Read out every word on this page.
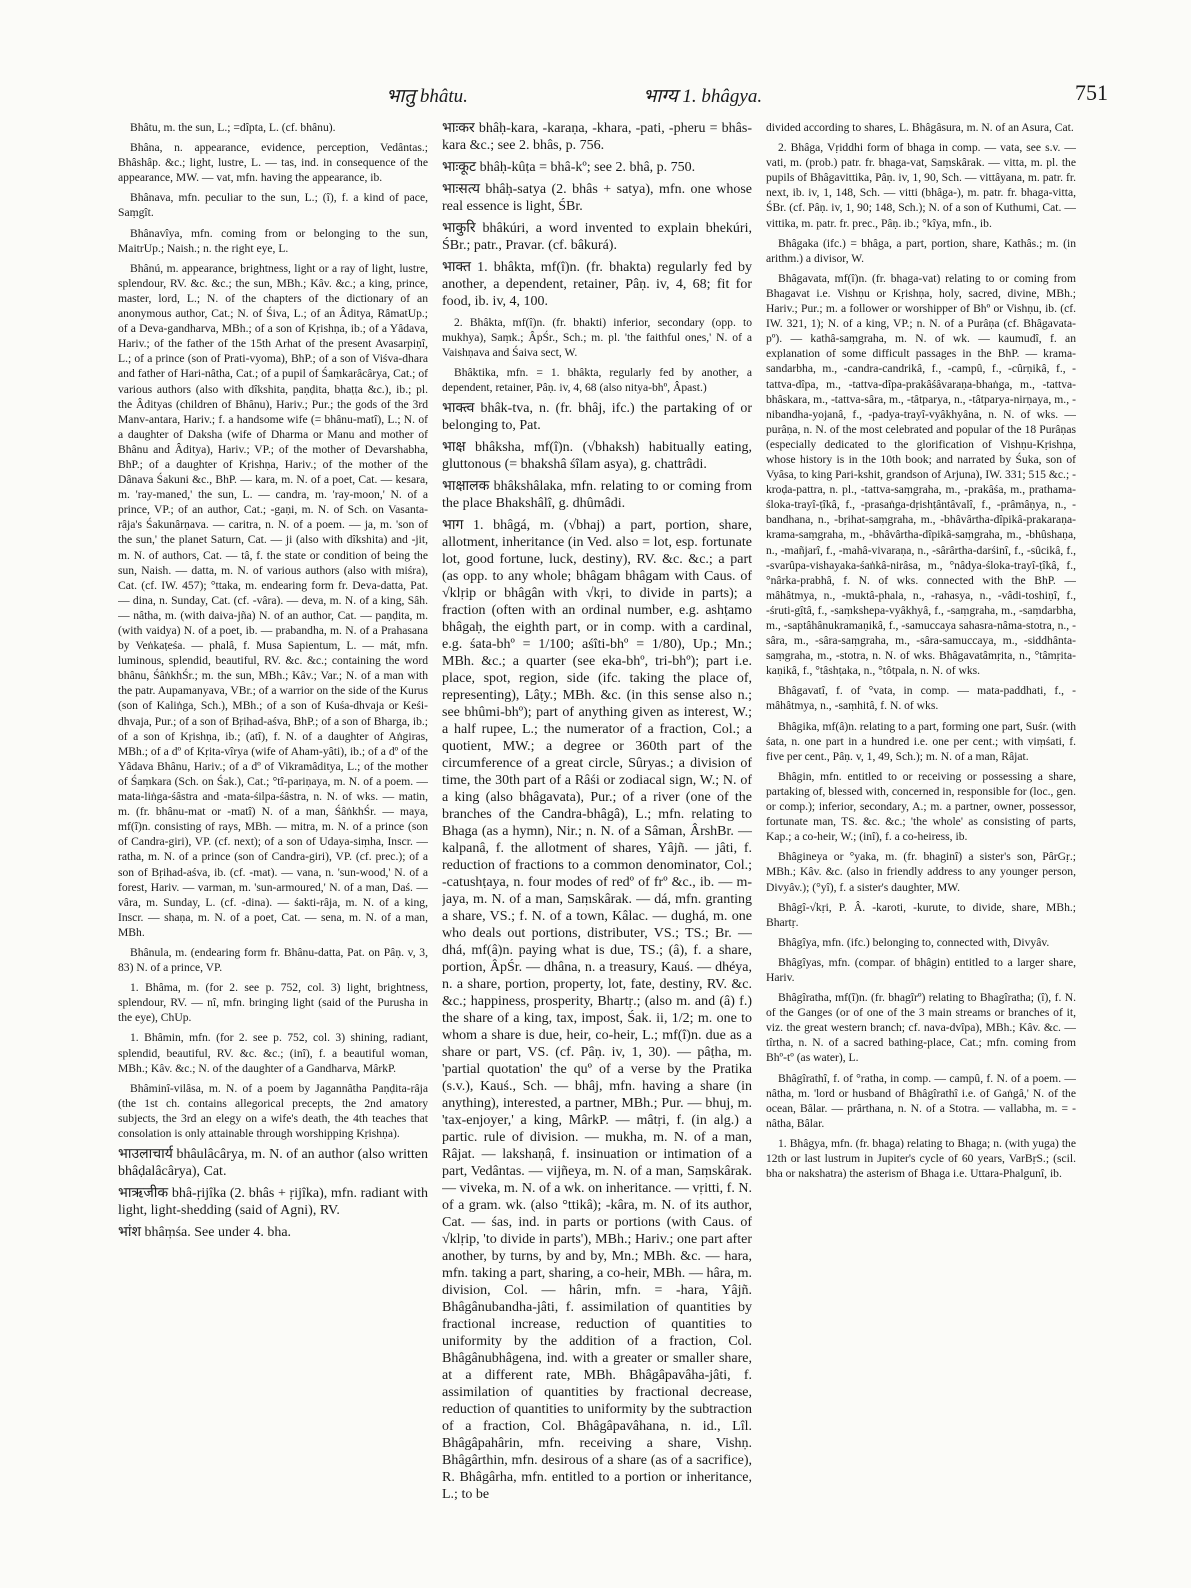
भातु bhâtu.	भाग्य 1. bhâgya.	751

Bhâtu, m. the sun, L.; =dîpta, L. (cf. bhânu).

Bhâna, n. appearance, evidence, perception, Vedântas.; Bhâshâp. &c.; light, lustre, L. — tas, ind. in consequence of the appearance, MW. — vat, mfn. having the appearance, ib.

Bhânava, mfn. peculiar to the sun, L.; (î), f. a kind of pace, Saṃgît.

Bhânavîya, mfn. coming from or belonging to the sun, MaitrUp.; Naish.; n. the right eye, L.

Bhânú, m. appearance, brightness, light or a ray of light, lustre, splendour, RV. &c. &c.; the sun, MBh.; Kâv. &c.; a king, prince, master, lord, L.; N. of the chapters of the dictionary of an anonymous author, Cat.; N. of Śiva, L.; of an Âditya, RâmatUp.; of a Deva-gandharva, MBh.; of a son of Kṛishṇa, ib.; of a Yâdava, Hariv.; of the father of the 15th Arhat of the present Avasarpiṇî, L.; of a prince (son of Prati-vyoma), BhP.; of a son of Viśva-dhara and father of Hari-nâtha, Cat.; of a pupil of Śaṃkarâcârya, Cat.; of various authors (also with dîkshita, paṇḍita, bhaṭṭa &c.), ib.; pl. the Âdityas (children of Bhânu), Hariv.; Pur.; the gods of the 3rd Manv-antara, Hariv.; f. a handsome wife (= bhânu-matî), L.; N. of a daughter of Daksha (wife of Dharma or Manu and mother of Bhânu and Âditya), Hariv.; VP.; of the mother of Devarshabha, BhP.; of a daughter of Kṛishṇa, Hariv.; of the mother of the Dânava Śakuni &c., BhP. — kara, m. N. of a poet, Cat. — kesara, m. 'ray-maned,' the sun, L. — candra, m. 'ray-moon,' N. of a prince, VP.; of an author, Cat.; -gaṇi, m. N. of Sch. on Vasanta-râja's Śakunârṇava. — caritra, n. N. of a poem. — ja, m. 'son of the sun,' the planet Saturn, Cat. — ji (also with dîkshita) and -jit, m. N. of authors, Cat. — tâ, f. the state or condition of being the sun, Naish. — datta, m. N. of various authors (also with miśra), Cat. (cf. IW. 457); °ttaka, m. endearing form fr. Deva-datta, Pat. — dina, n. Sunday, Cat. (cf. -vâra). — deva, m. N. of a king, Sâh. — nâtha, m. (with daiva-jña) N. of an author, Cat. — paṇḍita, m. (with vaidya) N. of a poet, ib. — prabandha, m. N. of a Prahasana by Veṅkaṭeśa. — phalâ, f. Musa Sapientum, L. — mát, mfn. luminous, splendid, beautiful, RV. &c. &c.; containing the word bhânu, ŚâṅkhŚr.; m. the sun, MBh.; Kâv.; Var.; N. of a man with the patr. Aupamanyava, VBr.; of a warrior on the side of the Kurus (son of Kaliṅga, Sch.), MBh.; of a son of Kuśa-dhvaja or Keśi-dhvaja, Pur.; of a son of Bṛihad-aśva, BhP.; of a son of Bharga, ib.; of a son of Kṛishṇa, ib.; (atî), f. N. of a daughter of Aṅgiras, MBh.; of a dº of Kṛita-vîrya (wife of Aham-yâti), ib.; of a dº of the Yâdava Bhânu, Hariv.; of a dº of Vikramâditya, L.; of the mother of Śaṃkara (Sch. on Śak.), Cat.; °tî-pariṇaya, m. N. of a poem. — mata-liṅga-śâstra and -mata-śilpa-śâstra, n. N. of wks. — matin, m. (fr. bhânu-mat or -matî) N. of a man, ŚâṅkhŚr. — maya, mf(î)n. consisting of rays, MBh. — mitra, m. N. of a prince (son of Candra-giri), VP. (cf. next); of a son of Udaya-siṃha, Inscr. — ratha, m. N. of a prince (son of Candra-giri), VP. (cf. prec.); of a son of Bṛihad-aśva, ib. (cf. -mat). — vana, n. 'sun-wood,' N. of a forest, Hariv. — varman, m. 'sun-armoured,' N. of a man, Daś. — vâra, m. Sunday, L. (cf. -dina). — śakti-râja, m. N. of a king, Inscr. — shaṇa, m. N. of a poet, Cat. — sena, m. N. of a man, MBh.

Bhânula, m. (endearing form fr. Bhânu-datta, Pat. on Pâṇ. v, 3, 83) N. of a prince, VP.

1. Bhâma, m. (for 2. see p. 752, col. 3) light, brightness, splendour, RV. — nî, mfn. bringing light (said of the Purusha in the eye), ChUp.

1. Bhâmin, mfn. (for 2. see p. 752, col. 3) shining, radiant, splendid, beautiful, RV. &c. &c.; (inî), f. a beautiful woman, MBh.; Kâv. &c.; N. of the daughter of a Gandharva, MârkP.

Bhâminî-vilâsa, m. N. of a poem by Jagannâtha Paṇḍita-râja (the 1st ch. contains allegorical precepts, the 2nd amatory subjects, the 3rd an elegy on a wife's death, the 4th teaches that consolation is only attainable through worshipping Kṛishṇa).

भाउलाचार्य bhâulâcârya, m. N. of an author (also written bhâḍalâcârya), Cat.

भाऋजीक bhâ-ṛijîka (2. bhâs + ṛijîka), mfn. radiant with light, light-shedding (said of Agni), RV.

भांश bhâṃśa. See under 4. bha.

भाःकर bhâḥ-kara, -karaṇa, -khara, -pati, -pheru = bhâs-kara &c.; see 2. bhâs, p. 756.

भाःकूट bhâḥ-kûṭa = bhâ-kº; see 2. bhâ, p. 750.

भाःसत्य bhâḥ-satya (2. bhâs + satya), mfn. one whose real essence is light, ŚBr.

भाकुरि bhâkúri, a word invented to explain bhekúri, ŚBr.; patr., Pravar. (cf. bâkurá).

भाक्त 1. bhâkta, mf(î)n. (fr. bhakta) regularly fed by another, a dependent, retainer, Pâṇ. iv, 4, 68; fit for food, ib. iv, 4, 100.

2. Bhâkta, mf(î)n. (fr. bhakti) inferior, secondary (opp. to mukhya), Saṃk.; ÂpŚr., Sch.; m. pl. 'the faithful ones,' N. of a Vaishṇava and Śaiva sect, W.

Bhâktika, mfn. = 1. bhâkta, regularly fed by another, a dependent, retainer, Pâṇ. iv, 4, 68 (also nitya-bhº, Âpast.)

भाक्त्व bhâk-tva, n. (fr. bhâj, ifc.) the partaking of or belonging to, Pat.

भाक्ष bhâksha, mf(î)n. (√bhaksh) habitually eating, gluttonous (= bhakshâ śîlam asya), g. chattrâdi.

भाक्षालक bhâkshâlaka, mfn. relating to or coming from the place Bhakshâlî, g. dhûmâdi.

भाग 1. bhâgá, m. (√bhaj) a part, portion, share, allotment, inheritance (in Ved. also = lot, esp. fortunate lot, good fortune, luck, destiny), RV. &c. &c.; a part (as opp. to any whole; bhâgam bhâgam with Caus. of √klṛip or bhâgân with √kṛi, to divide in parts); a fraction (often with an ordinal number, e.g. ashṭamo bhâgaḥ, the eighth part, or in comp. with a cardinal, e.g. śata-bhº = 1/100; aśîti-bhº = 1/80), Up.; Mn.; MBh. &c.; a quarter (see eka-bhº, tri-bhº); part i.e. place, spot, region, side (ifc. taking the place of, representing), Lâṭy.; MBh. &c. (in this sense also n.; see bhûmi-bhº); part of anything given as interest, W.; a half rupee, L.; the numerator of a fraction, Col.; a quotient, MW.; a degree or 360th part of the circumference of a great circle, Sûryas.; a division of time, the 30th part of a Râśi or zodiacal sign, W.; N. of a king (also bhâgavata), Pur.; of a river (one of the branches of the Candra-bhâgâ), L.; mfn. relating to Bhaga (as a hymn), Nir.; n. N. of a Sâman, ÂrshBr. — kalpanâ, f. the allotment of shares, Yâjñ. — jâti, f. reduction of fractions to a common denominator, Col.; -catushṭaya, n. four modes of redº of frº &c., ib. — m-jaya, m. N. of a man, Saṃskârak. — dá, mfn. granting a share, VS.; f. N. of a town, Kâlac. — dughá, m. one who deals out portions, distributer, VS.; TS.; Br. — dhá, mf(â)n. paying what is due, TS.; (â), f. a share, portion, ÂpŚr. — dhâna, n. a treasury, Kauś. — dhéya, n. a share, portion, property, lot, fate, destiny, RV. &c. &c.; happiness, prosperity, Bhartṛ.; (also m. and (â) f.) the share of a king, tax, impost, Śak. ii, 1/2; m. one to whom a share is due, heir, co-heir, L.; mf(î)n. due as a share or part, VS. (cf. Pâṇ. iv, 1, 30). — pâṭha, m. 'partial quotation' the quº of a verse by the Pratika (s.v.), Kauś., Sch. — bhâj, mfn. having a share (in anything), interested, a partner, MBh.; Pur. — bhuj, m. 'tax-enjoyer,' a king, MârkP. — mâtṛi, f. (in alg.) a partic. rule of division. — mukha, m. N. of a man, Râjat. — lakshaṇâ, f. insinuation or intimation of a part, Vedântas. — vijñeya, m. N. of a man, Saṃskârak. — viveka, m. N. of a wk. on inheritance. — vṛitti, f. N. of a gram. wk. (also °ttikâ); -kâra, m. N. of its author, Cat. — śas, ind. in parts or portions (with Caus. of √klṛip, 'to divide in parts'), MBh.; Hariv.; one part after another, by turns, by and by, Mn.; MBh. &c. — hara, mfn. taking a part, sharing, a co-heir, MBh. — hâra, m. division, Col. — hârin, mfn. = -hara, Yâjñ. Bhâgânubandha-jâti, f. assimilation of quantities by fractional increase, reduction of quantities to uniformity by the addition of a fraction, Col. Bhâgânubhâgena, ind. with a greater or smaller share, at a different rate, MBh. Bhâgâpavâha-jâti, f. assimilation of quantities by fractional decrease, reduction of quantities to uniformity by the subtraction of a fraction, Col. Bhâgâpavâhana, n. id., Lîl. Bhâgâpahârin, mfn. receiving a share, Vishṇ. Bhâgârthin, mfn. desirous of a share (as of a sacrifice), R. Bhâgârha, mfn. entitled to a portion or inheritance, L.; to be

divided according to shares, L. Bhâgâsura, m. N. of an Asura, Cat.

2. Bhâga, Vṛiddhi form of bhaga in comp. — vata, see s.v. — vati, m. (prob.) patr. fr. bhaga-vat, Saṃskârak. — vitta, m. pl. the pupils of Bhâgavittika, Pâṇ. iv, 1, 90, Sch. — vittâyana, m. patr. fr. next, ib. iv, 1, 148, Sch. — vitti (bhâga-), m. patr. fr. bhaga-vitta, ŚBr. (cf. Pâṇ. iv, 1, 90; 148, Sch.); N. of a son of Kuthumi, Cat. — vittika, m. patr. fr. prec., Pâṇ. ib.; °kîya, mfn., ib.

Bhâgaka (ifc.) = bhâga, a part, portion, share, Kathâs.; m. (in arithm.) a divisor, W.

Bhâgavata, mf(î)n. (fr. bhaga-vat) relating to or coming from Bhagavat i.e. Vishṇu or Kṛishṇa, holy, sacred, divine, MBh.; Hariv.; Pur.; m. a follower or worshipper of Bhº or Vishṇu, ib. (cf. IW. 321, 1); N. of a king, VP.; n. N. of a Purâṇa (cf. Bhâgavata-pº). — kathâ-saṃgraha, m. N. of wk. — kaumudî, f. an explanation of some difficult passages in the BhP. — krama-sandarbha, m., -candra-candrikâ, f., -campû, f., -cûrṇikâ, f., -tattva-dîpa, m., -tattva-dîpa-prakâśâvaraṇa-bhaṅga, m., -tattva-bhâskara, m., -tattva-sâra, m., -tâtparya, n., -tâtparya-nirṇaya, m., -nibandha-yojanâ, f., -padya-trayî-vyâkhyâna, n. N. of wks. — purâṇa, n. N. of the most celebrated and popular of the 18 Purâṇas (especially dedicated to the glorification of Vishṇu-Kṛishṇa, whose history is in the 10th book; and narrated by Śuka, son of Vyâsa, to king Pari-kshit, grandson of Arjuna), IW. 331; 515 &c.; -kroḍa-pattra, n. pl., -tattva-saṃgraha, m., -prakâśa, m., prathama-śloka-trayî-ṭîkâ, f., -prasaṅga-dṛishṭântâvalî, f., -prâmâṇya, n., -bandhana, n., -bṛihat-saṃgraha, m., -bhâvârtha-dîpikâ-prakaraṇa-krama-saṃgraha, m., -bhâvârtha-dîpikâ-saṃgraha, m., -bhûshaṇa, n., -mañjarî, f., -mahâ-vivaraṇa, n., -sârârtha-darśinî, f., -sûcikâ, f., -svarûpa-vishayaka-śaṅkâ-nirâsa, m., °nâdya-śloka-trayî-ṭîkâ, f., °nârka-prabhâ, f. N. of wks. connected with the BhP. — mâhâtmya, n., -muktâ-phala, n., -rahasya, n., -vâdi-toshiṇî, f., -śruti-gîtâ, f., -saṃkshepa-vyâkhyâ, f., -saṃgraha, m., -saṃdarbha, m., -saptâhânukramaṇikâ, f., -samuccaya sahasra-nâma-stotra, n., -sâra, m., -sâra-saṃgraha, m., -sâra-samuccaya, m., -siddhânta-saṃgraha, m., -stotra, n. N. of wks. Bhâgavatâmṛita, n., °tâmṛita-kaṇikâ, f., °tâshṭaka, n., °tôtpala, n. N. of wks.

Bhâgavatî, f. of °vata, in comp. — mata-paddhati, f., -mâhâtmya, n., -saṃhitâ, f. N. of wks.

Bhâgika, mf(â)n. relating to a part, forming one part, Suśr. (with śata, n. one part in a hundred i.e. one per cent.; with viṃśati, f. five per cent., Pâṇ. v, 1, 49, Sch.); m. N. of a man, Râjat.

Bhâgin, mfn. entitled to or receiving or possessing a share, partaking of, blessed with, concerned in, responsible for (loc., gen. or comp.); inferior, secondary, A.; m. a partner, owner, possessor, fortunate man, TS. &c. &c.; 'the whole' as consisting of parts, Kap.; a co-heir, W.; (inî), f. a co-heiress, ib.

Bhâgineya or °yaka, m. (fr. bhaginî) a sister's son, PârGṛ.; MBh.; Kâv. &c. (also in friendly address to any younger person, Divyâv.); (°yî), f. a sister's daughter, MW.

Bhâgî-√kṛi, P. Â. -karoti, -kurute, to divide, share, MBh.; Bhartṛ.

Bhâgîya, mfn. (ifc.) belonging to, connected with, Divyâv.

Bhâgîyas, mfn. (compar. of bhâgin) entitled to a larger share, Hariv.

Bhâgîratha, mf(î)n. (fr. bhagîrº) relating to Bhagîratha; (î), f. N. of the Ganges (or of one of the 3 main streams or branches of it, viz. the great western branch; cf. nava-dvîpa), MBh.; Kâv. &c. — tîrtha, n. N. of a sacred bathing-place, Cat.; mfn. coming from Bhº-tº (as water), L.

Bhâgîrathî, f. of °ratha, in comp. — campû, f. N. of a poem. — nâtha, m. 'lord or husband of Bhâgîrathî i.e. of Gaṅgâ,' N. of the ocean, Bâlar. — prârthana, n. N. of a Stotra. — vallabha, m. = -nâtha, Bâlar.

1. Bhâgya, mfn. (fr. bhaga) relating to Bhaga; n. (with yuga) the 12th or last lustrum in Jupiter's cycle of 60 years, VarBṛS.; (scil. bha or nakshatra) the asterism of Bhaga i.e. Uttara-Phalgunî, ib.
